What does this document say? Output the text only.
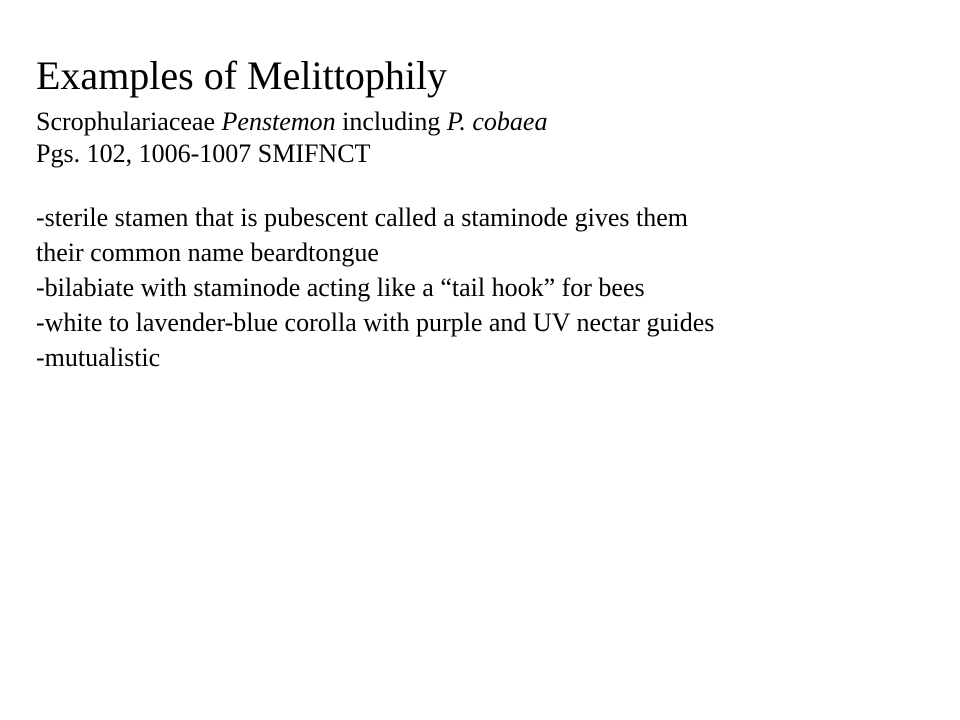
Examples of Melittophily

Scrophulariaceae Penstemon including P. cobaea

Pgs. 102, 1006-1007 SMIFNCT

-sterile stamen that is pubescent called a staminode gives them
their common name beardtongue
-bilabiate with staminode acting like a “tail hook” for bees
-white to lavender-blue corolla with purple and UV nectar guides
-mutualistic
